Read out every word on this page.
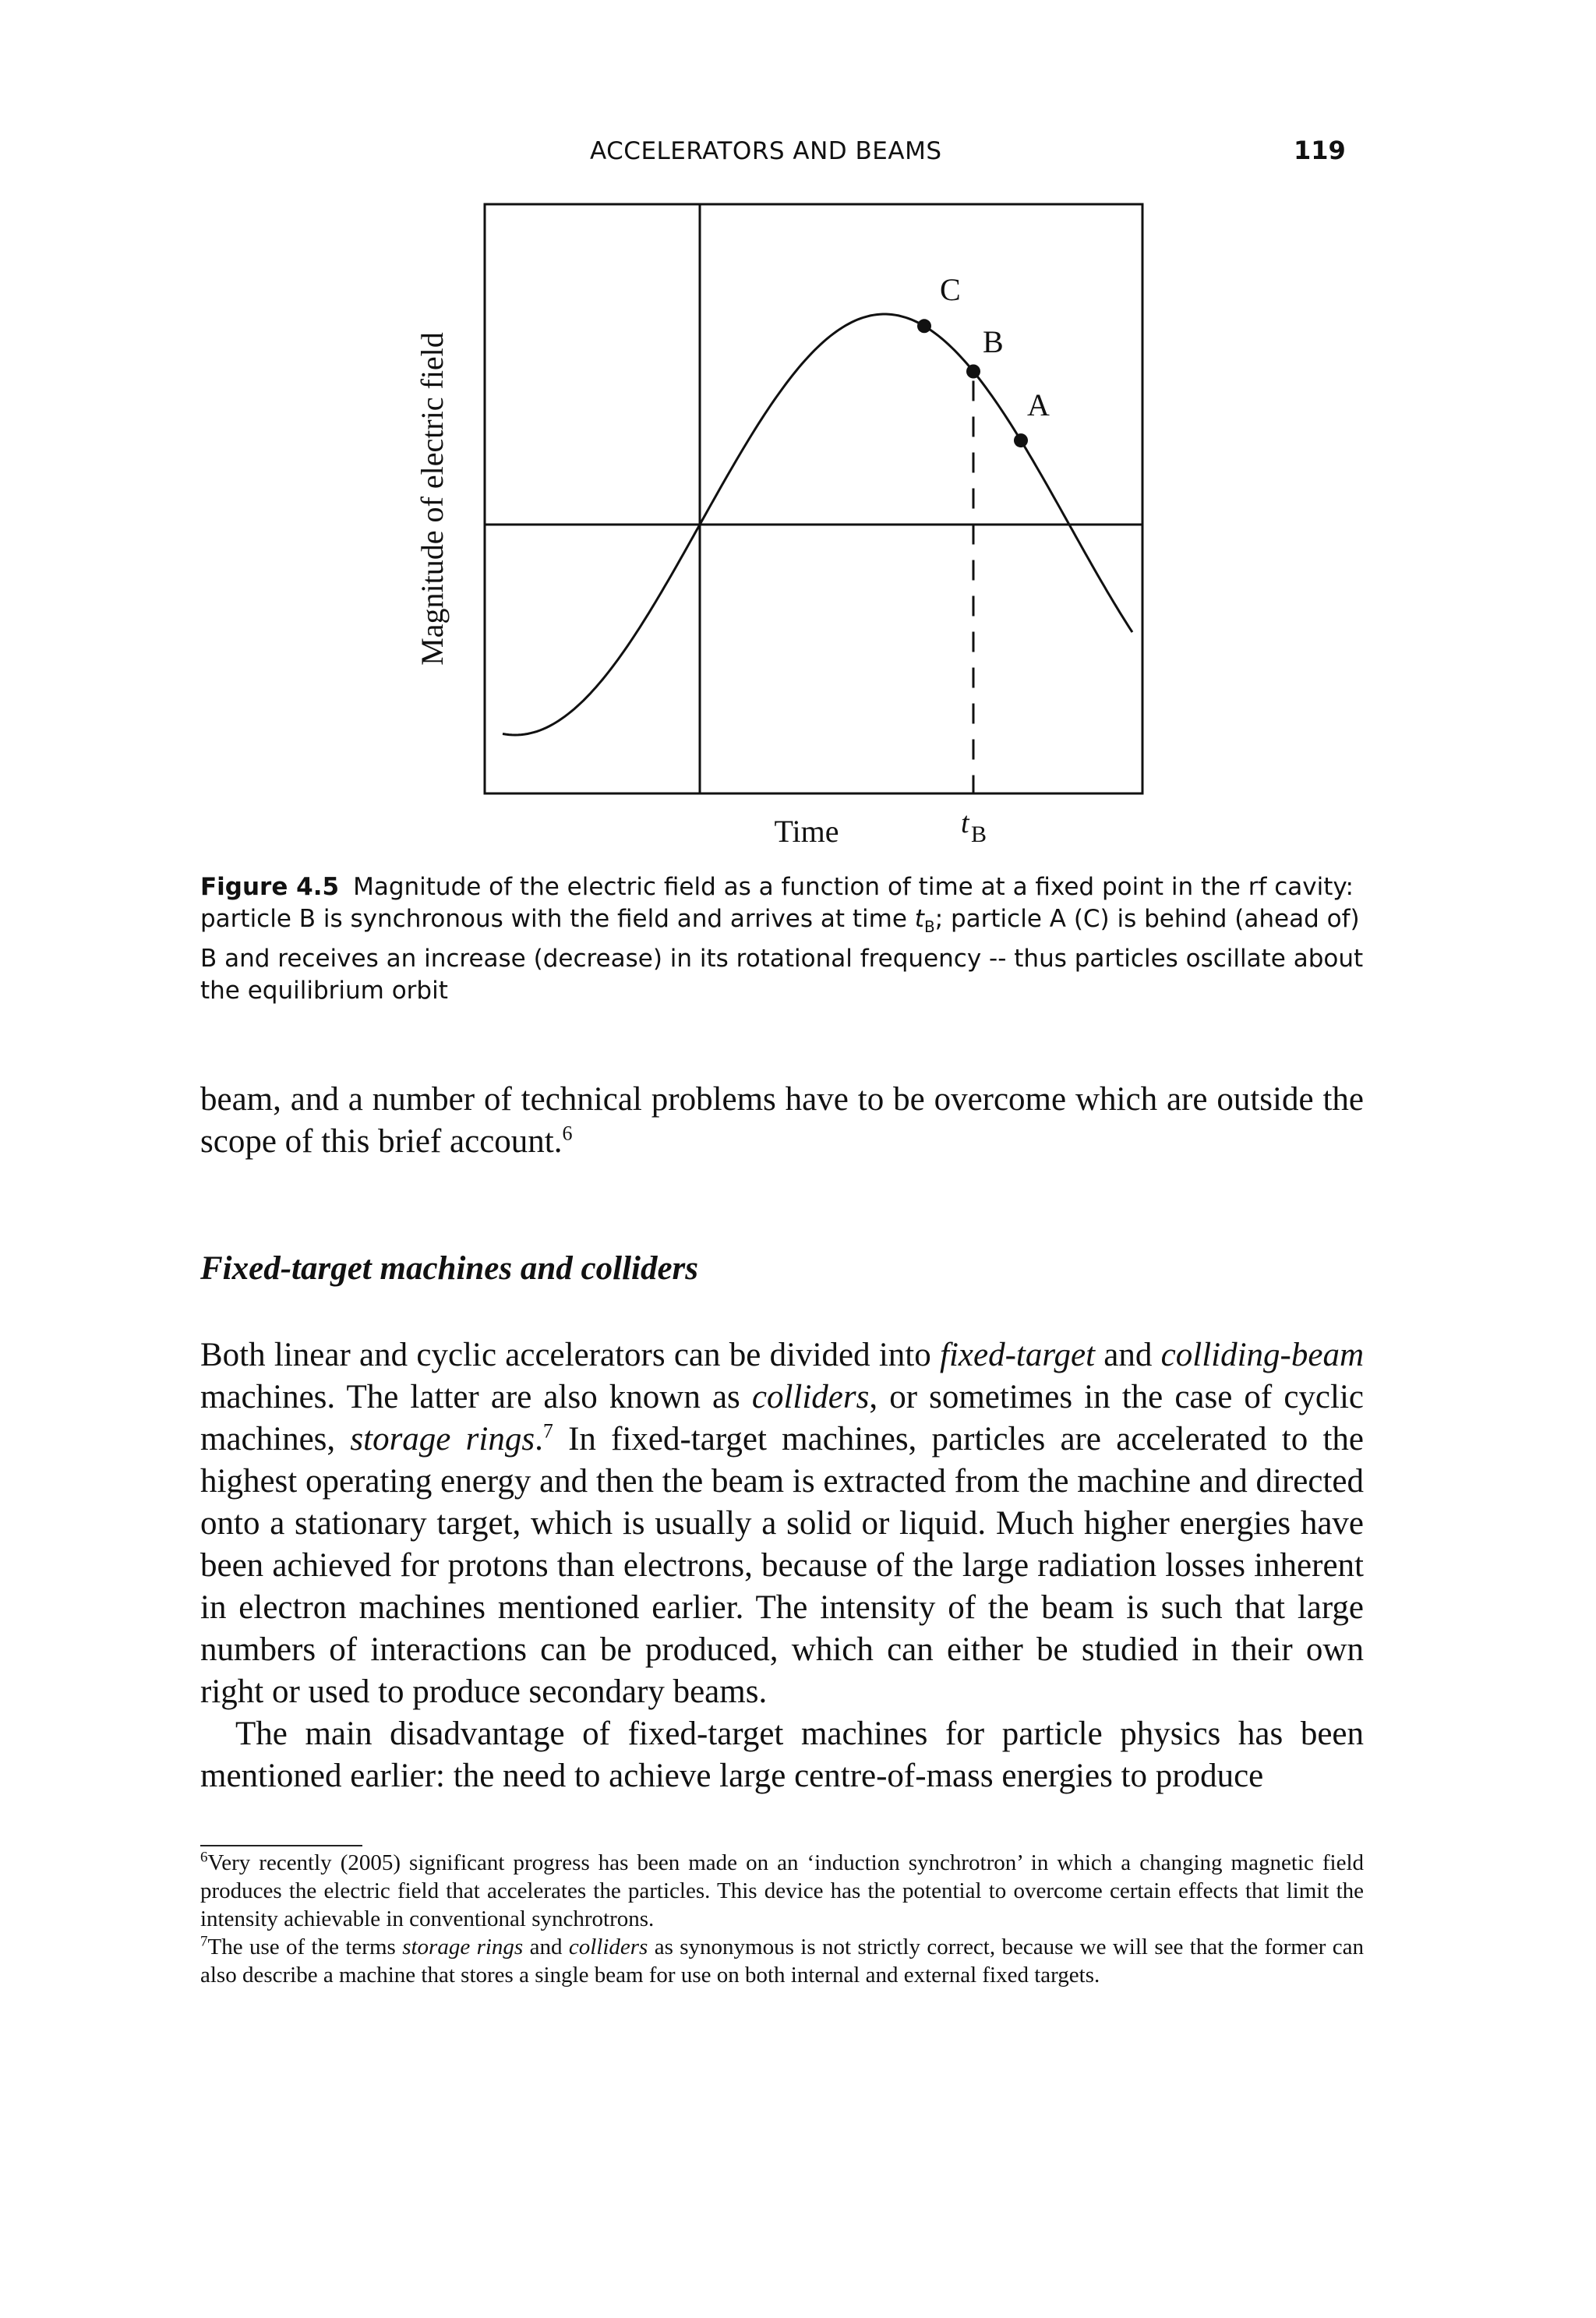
ACCELERATORS AND BEAMS	119
C
B
A
Magnitude of electric field
Time	t B
Figure 4.5 Magnitude of the electric field as a function of time at a fixed point in the rf cavity: particle B is synchronous with the field and arrives at time $t_B$; particle A (C) is behind (ahead of) B and receives an increase (decrease) in its rotational frequency -- thus particles oscillate about the equilibrium orbit

beam, and a number of technical problems have to be overcome which are outside the scope of this brief account.$^6$

Fixed-target machines and colliders

Both linear and cyclic accelerators can be divided into fixed-target and colliding-beam machines. The latter are also known as colliders, or sometimes in the case of cyclic machines, storage rings.$^7$ In fixed-target machines, particles are accelerated to the highest operating energy and then the beam is extracted from the machine and directed onto a stationary target, which is usually a solid or liquid. Much higher energies have been achieved for protons than electrons, because of the large radiation losses inherent in electron machines mentioned earlier. The intensity of the beam is such that large numbers of interactions can be produced, which can either be studied in their own right or used to produce secondary beams.

The main disadvantage of fixed-target machines for particle physics has been mentioned earlier: the need to achieve large centre-of-mass energies to produce

$^6$Very recently (2005) significant progress has been made on an ‘induction synchrotron’ in which a changing magnetic field produces the electric field that accelerates the particles. This device has the potential to overcome certain effects that limit the intensity achievable in conventional synchrotrons.

$^7$The use of the terms storage rings and colliders as synonymous is not strictly correct, because we will see that the former can also describe a machine that stores a single beam for use on both internal and external fixed targets.
